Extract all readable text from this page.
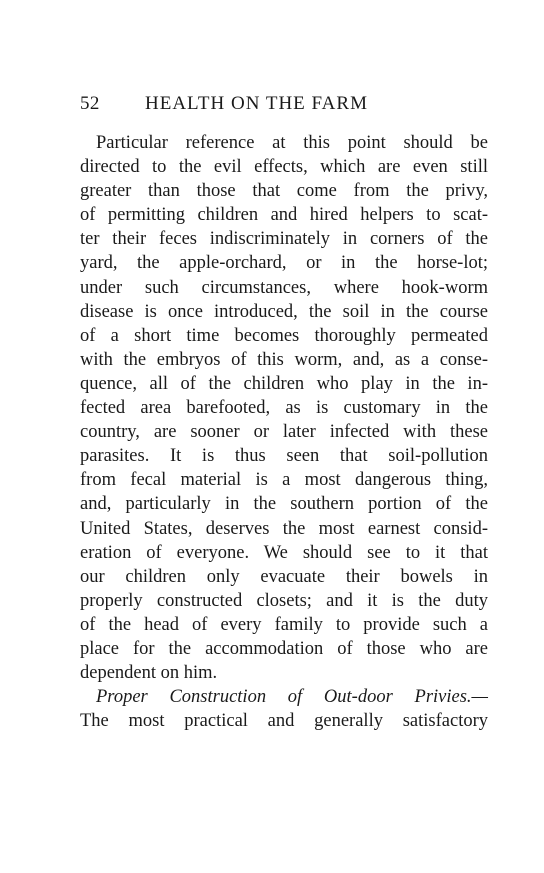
52 HEALTH ON THE FARM
Particular reference at this point should be
directed to the evil effects, which are even still
greater than those that come from the privy,
of permitting children and hired helpers to scat-
ter their feces indiscriminately in corners of the
yard, the apple-orchard, or in the horse-lot;
under such circumstances, where hook-worm
disease is once introduced, the soil in the course
of a short time becomes thoroughly permeated
with the embryos of this worm, and, as a conse-
quence, all of the children who play in the in-
fected area barefooted, as is customary in the
country, are sooner or later infected with these
parasites. It is thus seen that soil-pollution
from fecal material is a most dangerous thing,
and, particularly in the southern portion of the
United States, deserves the most earnest consid-
eration of everyone. We should see to it that
our children only evacuate their bowels in
properly constructed closets; and it is the duty
of the head of every family to provide such a
place for the accommodation of those who are
dependent on him.
Proper Construction of Out-door Privies.—
The most practical and generally satisfactory
